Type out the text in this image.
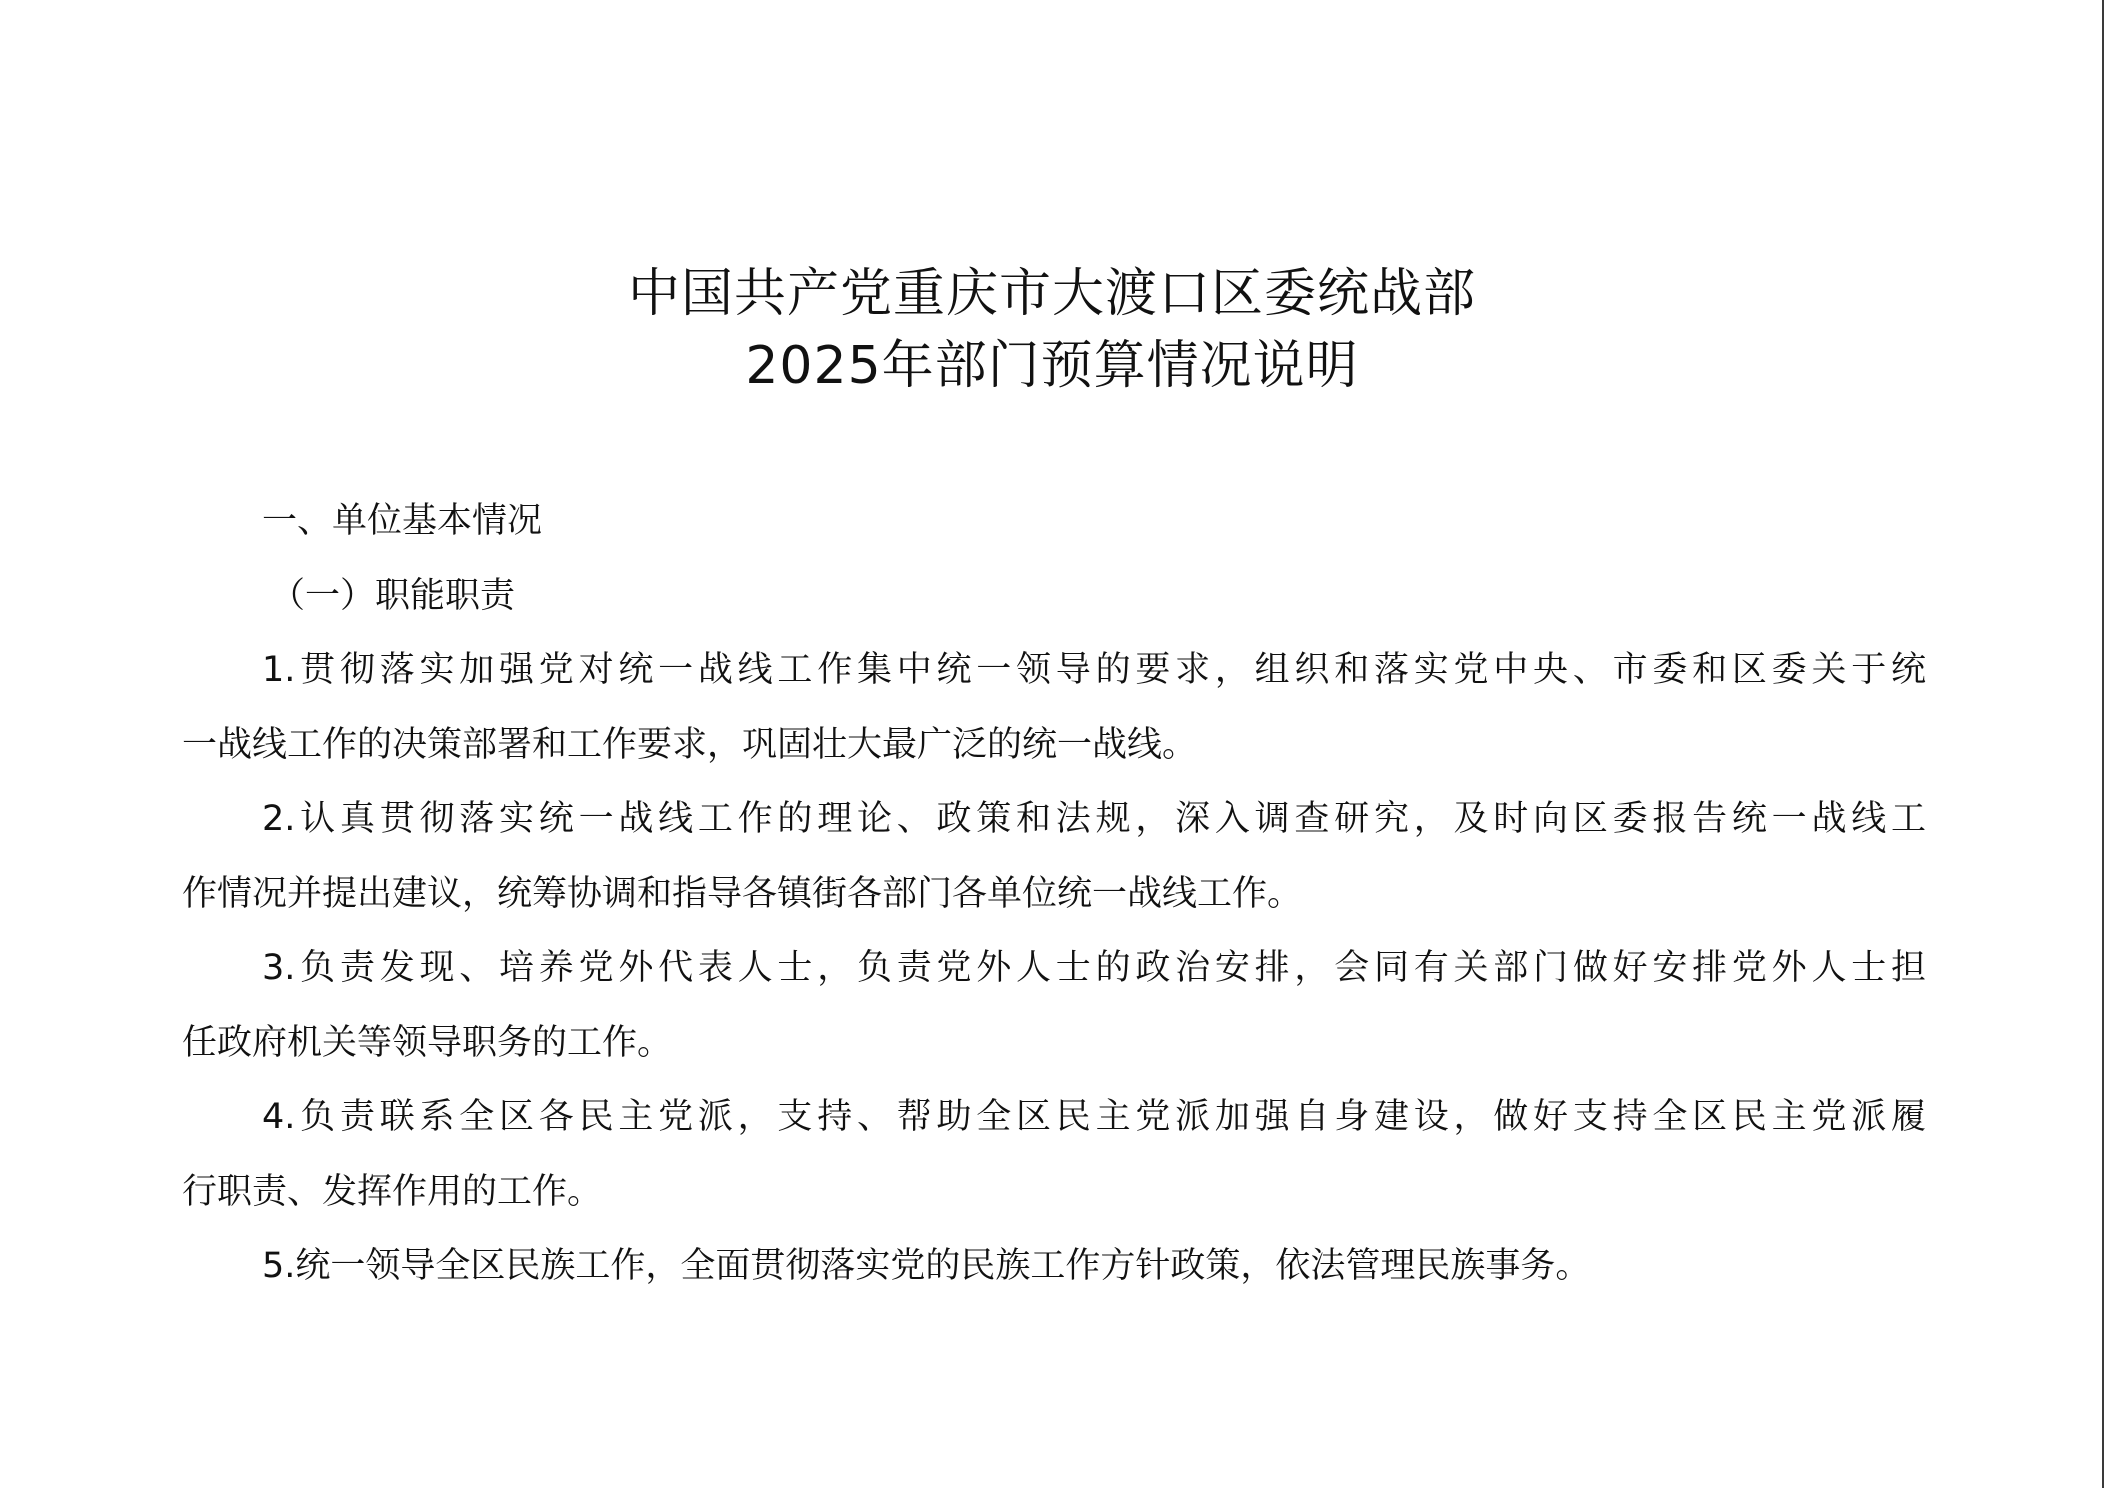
中国共产党重庆市大渡口区委统战部
2025年部门预算情况说明
一、单位基本情况
（一）职能职责
1.贯彻落实加强党对统一战线工作集中统一领导的要求，组织和落实党中央、市委和区委关于统
一战线工作的决策部署和工作要求，巩固壮大最广泛的统一战线。
2.认真贯彻落实统一战线工作的理论、政策和法规，深入调查研究，及时向区委报告统一战线工
作情况并提出建议，统筹协调和指导各镇街各部门各单位统一战线工作。
3.负责发现、培养党外代表人士，负责党外人士的政治安排，会同有关部门做好安排党外人士担
任政府机关等领导职务的工作。
4.负责联系全区各民主党派，支持、帮助全区民主党派加强自身建设，做好支持全区民主党派履
行职责、发挥作用的工作。
5.统一领导全区民族工作，全面贯彻落实党的民族工作方针政策，依法管理民族事务。
